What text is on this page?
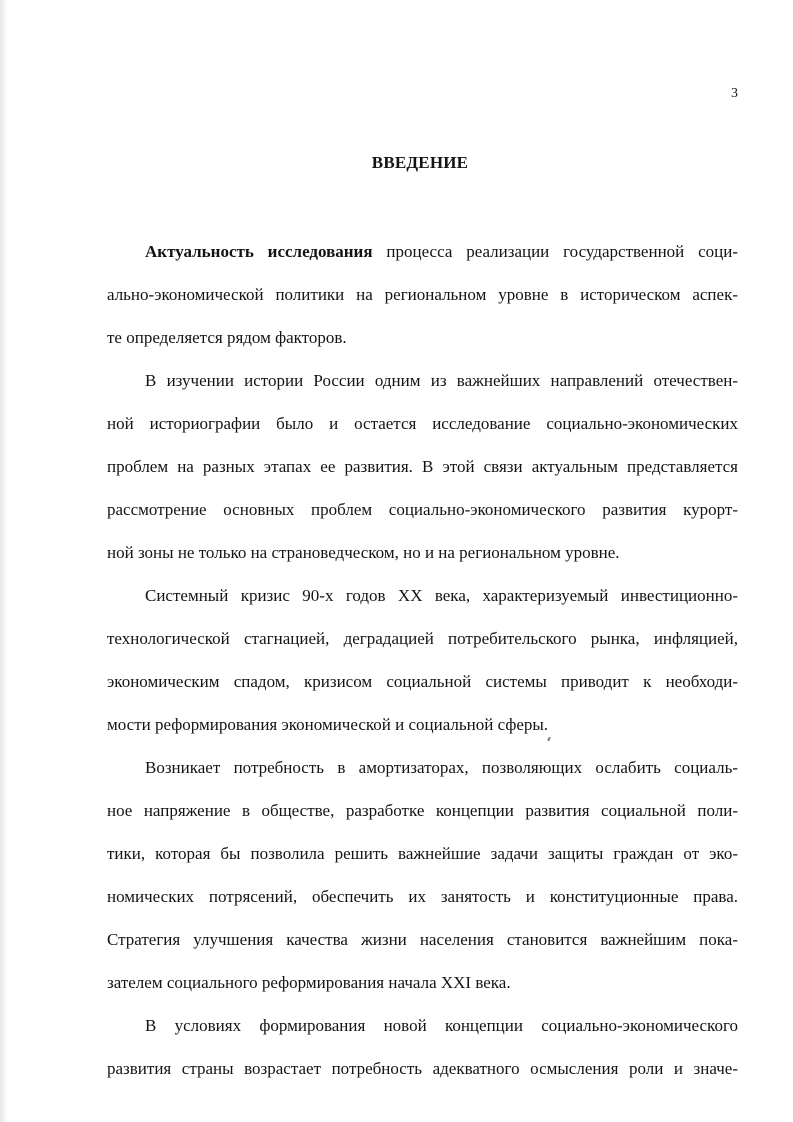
3
ВВЕДЕНИЕ
Актуальность исследования процесса реализации государственной соци-
ально-экономической политики на региональном уровне в историческом аспек-
те определяется рядом факторов.
В изучении истории России одним из важнейших направлений отечествен-
ной историографии было и остается исследование социально-экономических
проблем на разных этапах ее развития. В этой связи актуальным представляется
рассмотрение основных проблем социально-экономического развития курорт-
ной зоны не только на страноведческом, но и на региональном уровне.
Системный кризис 90-х годов XX века, характеризуемый инвестиционно-
технологической стагнацией, деградацией потребительского рынка, инфляцией,
экономическим спадом, кризисом социальной системы приводит к необходи-
мости реформирования экономической и социальной сферы.
Возникает потребность в амортизаторах, позволяющих ослабить социаль-
ное напряжение в обществе, разработке концепции развития социальной поли-
тики, которая бы позволила решить важнейшие задачи защиты граждан от эко-
номических потрясений, обеспечить их занятость и конституционные права.
Стратегия улучшения качества жизни населения становится важнейшим пока-
зателем социального реформирования начала XXI века.
В условиях формирования новой концепции социально-экономического
развития страны возрастает потребность адекватного осмысления роли и значе-
